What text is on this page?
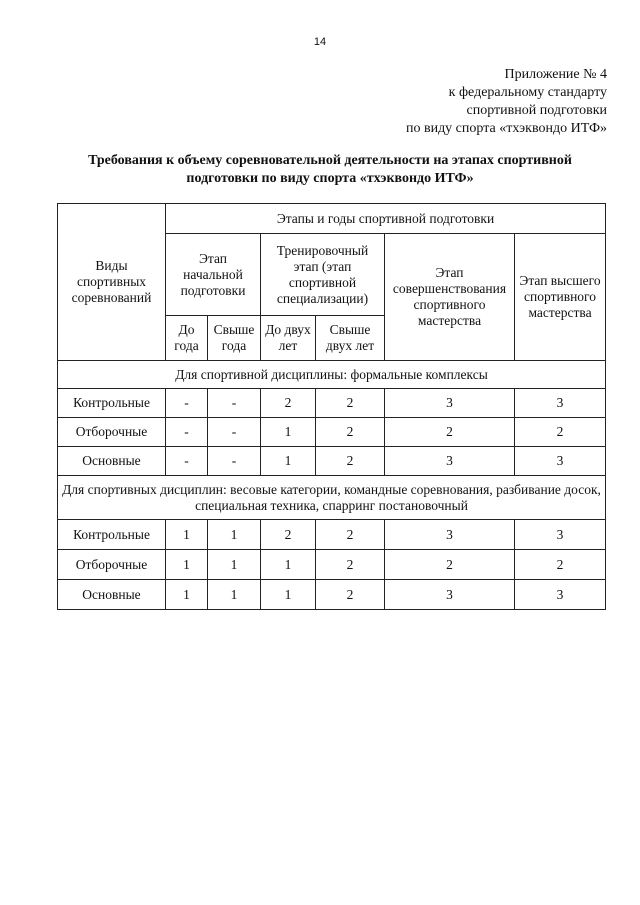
14
Приложение № 4
к федеральному стандарту
спортивной подготовки
по виду спорта «тхэквондо ИТФ»
Требования к объему соревновательной деятельности на этапах спортивной
подготовки по виду спорта «тхэквондо ИТФ»
Виды спортивных соревнований	Этапы и годы спортивной подготовки					
	Этап начальной подготовки		Тренировочный этап (этап спортивной специализации)		Этап совершенствования спортивного мастерства	Этап высшего спортивного мастерства
	До года	Свыше года	До двух лет	Свыше двух лет		
Для спортивной дисциплины: формальные комплексы						
Контрольные	-	-	2	2	3	3
Отборочные	-	-	1	2	2	2
Основные	-	-	1	2	3	3
Для спортивных дисциплин: весовые категории, командные соревнования, разбивание досок, специальная техника, спарринг постановочный						
Контрольные	1	1	2	2	3	3
Отборочные	1	1	1	2	2	2
Основные	1	1	1	2	3	3
